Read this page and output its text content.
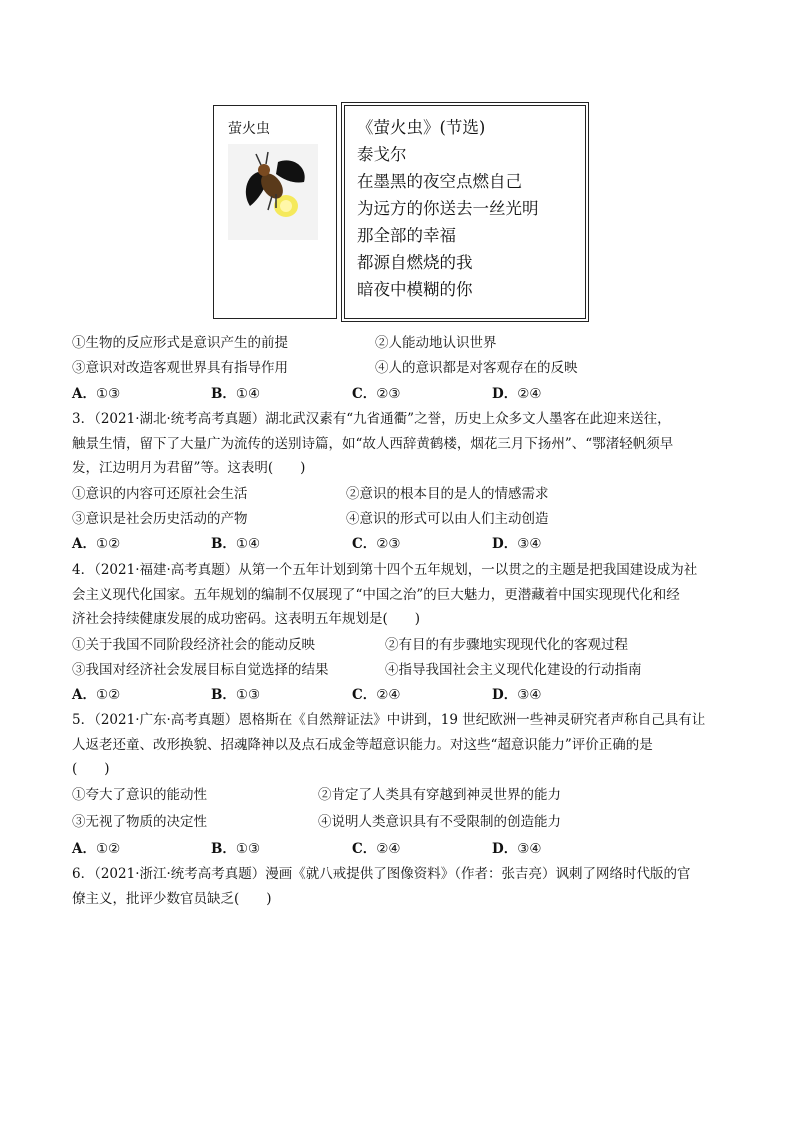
萤火虫	《萤火虫》(节选)
泰戈尔
在墨黑的夜空点燃自己
为远方的你送去一丝光明
那全部的幸福
都源自燃烧的我
暗夜中模糊的你
①生物的反应形式是意识产生的前提	②人能动地认识世界
③意识对改造客观世界具有指导作用	④人的意识都是对客观存在的反映
A．①③	B．①④	C．②③	D．②④
3．（2021·湖北·统考高考真题）湖北武汉素有“九省通衢”之誉，历史上众多文人墨客在此迎来送往，
触景生情，留下了大量广为流传的送别诗篇，如“故人西辞黄鹤楼，烟花三月下扬州”、“鄂渚轻帆须早
发，江边明月为君留”等。这表明(　　)
①意识的内容可还原社会生活	②意识的根本目的是人的情感需求
③意识是社会历史活动的产物	④意识的形式可以由人们主动创造
A．①②	B．①④	C．②③	D．③④
4．（2021·福建·高考真题）从第一个五年计划到第十四个五年规划，一以贯之的主题是把我国建设成为社
会主义现代化国家。五年规划的编制不仅展现了“中国之治”的巨大魅力，更潜藏着中国实现现代化和经
济社会持续健康发展的成功密码。这表明五年规划是(　　)
①关于我国不同阶段经济社会的能动反映	②有目的有步骤地实现现代化的客观过程
③我国对经济社会发展目标自觉选择的结果	④指导我国社会主义现代化建设的行动指南
A．①②	B．①③	C．②④	D．③④
5．（2021·广东·高考真题）恩格斯在《自然辩证法》中讲到，19 世纪欧洲一些神灵研究者声称自己具有让
人返老还童、改形换貌、招魂降神以及点石成金等超意识能力。对这些“超意识能力”评价正确的是
(　　)
①夸大了意识的能动性	②肯定了人类具有穿越到神灵世界的能力
③无视了物质的决定性	④说明人类意识具有不受限制的创造能力
A．①②	B．①③	C．②④	D．③④
6．（2021·浙江·统考高考真题）漫画《就八戒提供了图像资料》（作者：张吉亮）讽刺了网络时代版的官
僚主义，批评少数官员缺乏(　　)
